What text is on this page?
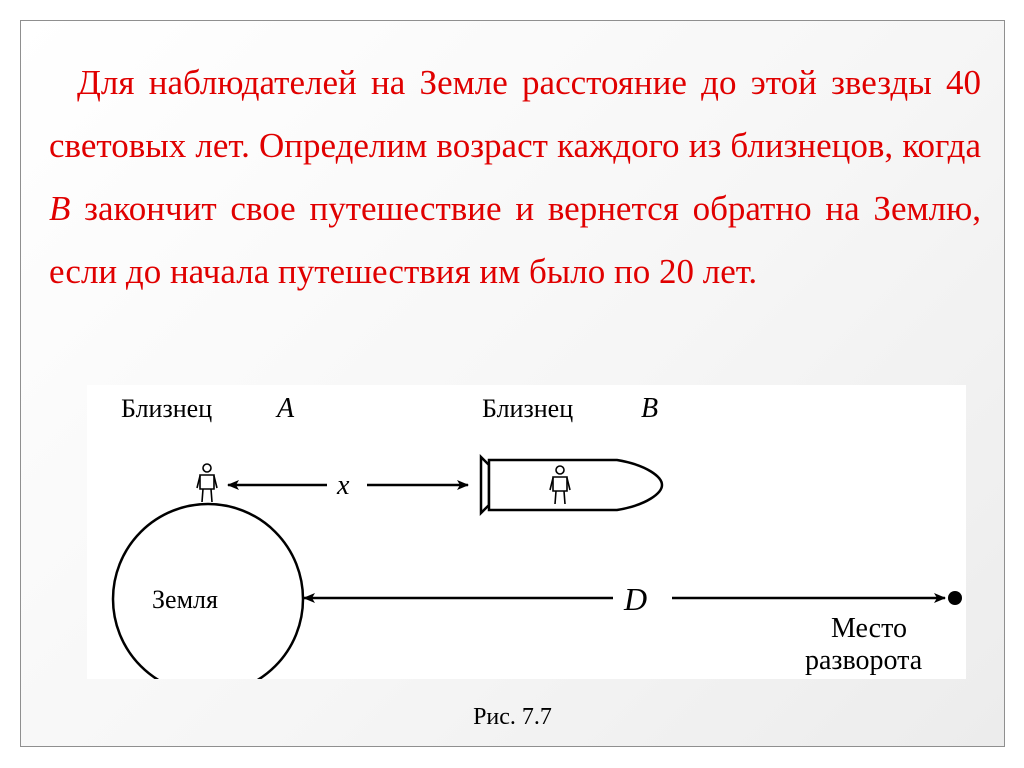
Для наблюдателей на Земле расстояние до этой звезды 40 световых лет. Определим возраст каждого из близнецов, когда B закончит свое путешествие и вернется обратно на Землю, если до начала путешествия им было по 20 лет.
Близнец A	Близнец B
Земля
x
D
Место
разворота
Рис. 7.7
